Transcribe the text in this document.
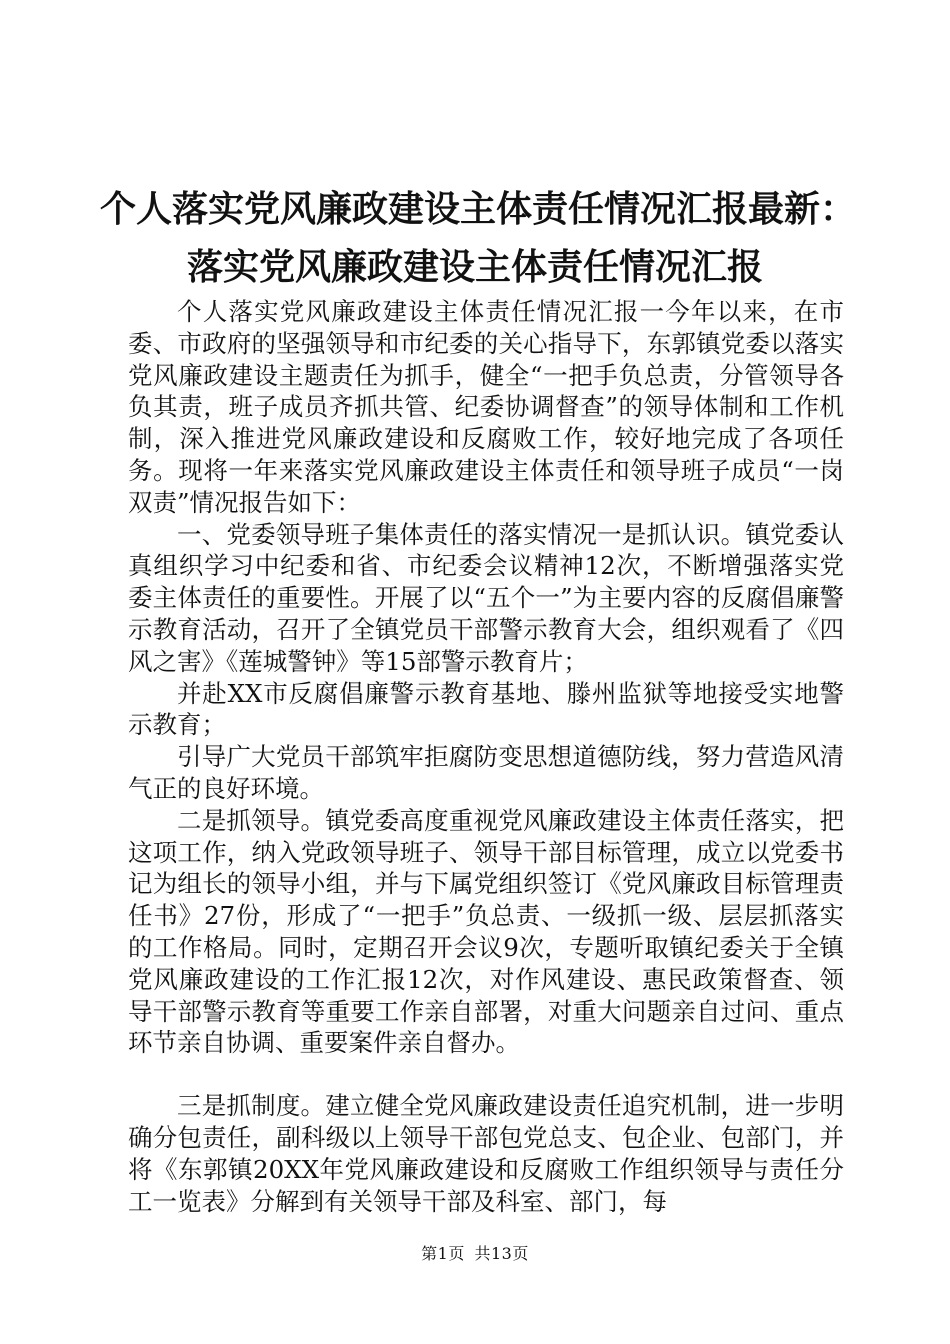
个人落实党风廉政建设主体责任情况汇报最新：
落实党风廉政建设主体责任情况汇报

个人落实党风廉政建设主体责任情况汇报一今年以来，在市委、市政府的坚强领导和市纪委的关心指导下，东郭镇党委以落实党风廉政建设主题责任为抓手，健全“一把手负总责，分管领导各负其责，班子成员齐抓共管、纪委协调督查”的领导体制和工作机制，深入推进党风廉政建设和反腐败工作，较好地完成了各项任务。现将一年来落实党风廉政建设主体责任和领导班子成员“一岗双责”情况报告如下：

一、党委领导班子集体责任的落实情况一是抓认识。镇党委认真组织学习中纪委和省、市纪委会议精神12次，不断增强落实党委主体责任的重要性。开展了以“五个一”为主要内容的反腐倡廉警示教育活动，召开了全镇党员干部警示教育大会，组织观看了《四风之害》《莲城警钟》等15部警示教育片；

并赴XX市反腐倡廉警示教育基地、滕州监狱等地接受实地警示教育；

引导广大党员干部筑牢拒腐防变思想道德防线，努力营造风清气正的良好环境。

二是抓领导。镇党委高度重视党风廉政建设主体责任落实，把这项工作，纳入党政领导班子、领导干部目标管理，成立以党委书记为组长的领导小组，并与下属党组织签订《党风廉政目标管理责任书》27份，形成了“一把手”负总责、一级抓一级、层层抓落实的工作格局。同时，定期召开会议9次，专题听取镇纪委关于全镇党风廉政建设的工作汇报12次，对作风建设、惠民政策督查、领导干部警示教育等重要工作亲自部署，对重大问题亲自过问、重点环节亲自协调、重要案件亲自督办。

三是抓制度。建立健全党风廉政建设责任追究机制，进一步明确分包责任，副科级以上领导干部包党总支、包企业、包部门，并将《东郭镇20XX年党风廉政建设和反腐败工作组织领导与责任分工一览表》分解到有关领导干部及科室、部门，每

第1页 共13页
